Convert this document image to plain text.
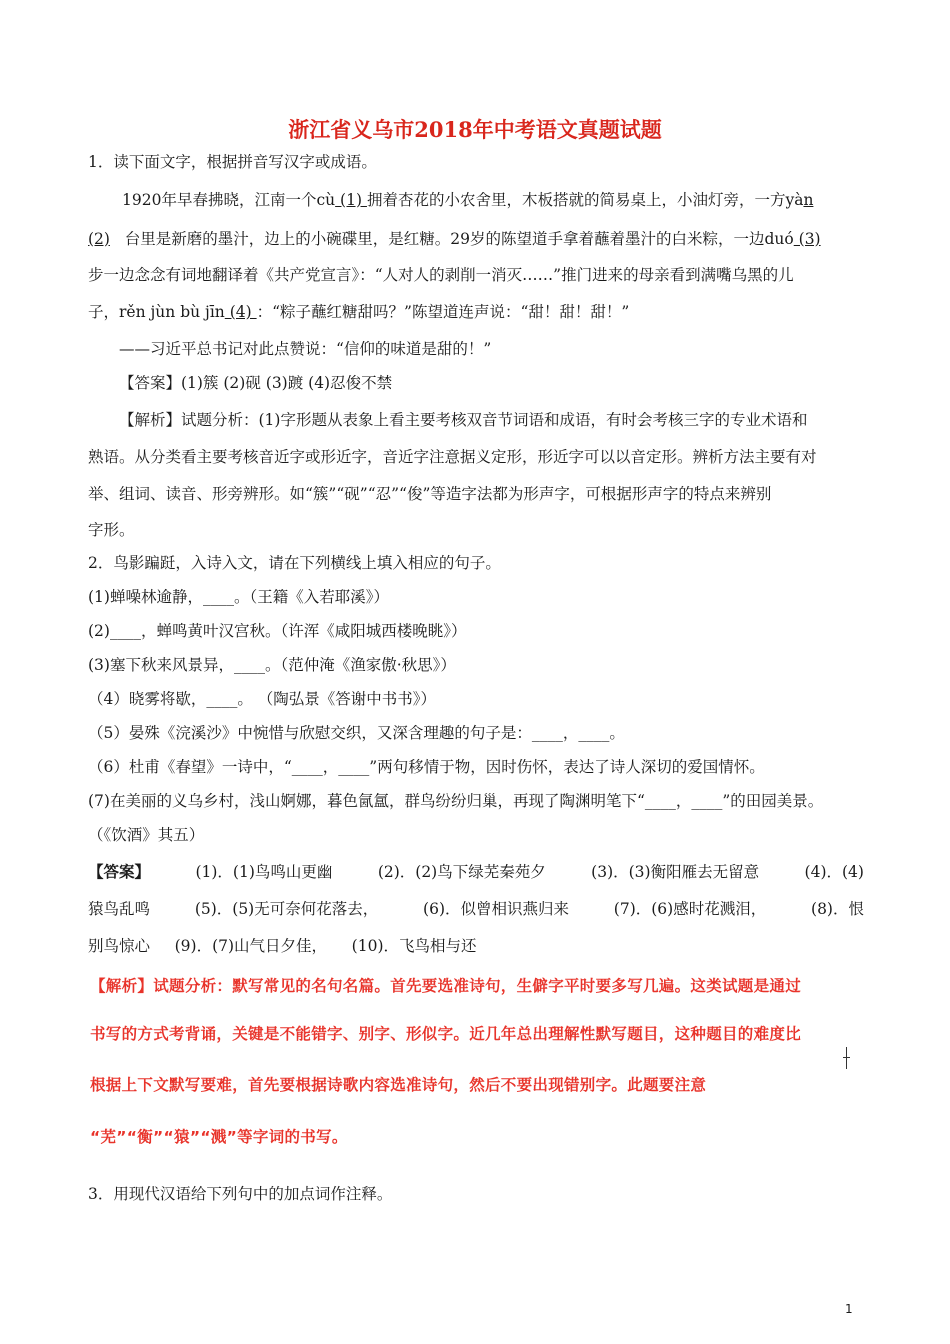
浙江省义乌市2018年中考语文真题试题
1．读下面文字，根据拼音写汉字或成语。
1920年早春拂晓，江南一个cù (1) 拥着杏花的小农舍里，木板搭就的简易桌上，小油灯旁，一方yàn
(2) 台里是新磨的墨汁，边上的小碗碟里，是红糖。29岁的陈望道手拿着蘸着墨汁的白米粽，一边duó (3)
步一边念念有词地翻译着《共产党宣言》：“人对人的剥削一消灭……”推门进来的母亲看到满嘴乌黑的儿
子，rěn jùn bù jīn (4) ：“粽子蘸红糖甜吗？”陈望道连声说：“甜！甜！甜！”
——习近平总书记对此点赞说：“信仰的味道是甜的！”
【答案】(1)簇 (2)砚 (3)踱 (4)忍俊不禁
【解析】试题分析：(1)字形题从表象上看主要考核双音节词语和成语，有时会考核三字的专业术语和
熟语。从分类看主要考核音近字或形近字，音近字注意据义定形，形近字可以以音定形。辨析方法主要有对
举、组词、读音、形旁辨形。如“簇”“砚”“忍”“俊”等造字法都为形声字，可根据形声字的特点来辨别
字形。
2．鸟影蹁跹，入诗入文，请在下列横线上填入相应的句子。
(1)蝉噪林逾静，____。（王籍《入若耶溪》）
(2)____，蝉鸣黄叶汉宫秋。（许浑《咸阳城西楼晚眺》）
(3)塞下秋来风景异，____。（范仲淹《渔家傲·秋思》）
（4）晓雾将歇，____。 （陶弘景《答谢中书书》）
（5）晏殊《浣溪沙》中惋惜与欣慰交织，又深含理趣的句子是：____，____。
（6）杜甫《春望》一诗中，“____，____”两句移情于物，因时伤怀，表达了诗人深切的爱国情怀。
(7)在美丽的义乌乡村，浅山婀娜，暮色氤氲，群鸟纷纷归巢，再现了陶渊明笔下“____，____”的田园美景。
（《饮酒》其五）
【答案】	(1)．(1)鸟鸣山更幽	(2)．(2)鸟下绿芜秦苑夕	(3)．(3)衡阳雁去无留意	(4)．(4)
猿鸟乱鸣	(5)．(5)无可奈何花落去，	(6)．似曾相识燕归来	(7)．(6)感时花溅泪，	(8)．恨
别鸟惊心     (9)．(7)山气日夕佳，     (10)．飞鸟相与还
【解析】试题分析：默写常见的名句名篇。首先要选准诗句，生僻字平时要多写几遍。这类试题是通过
书写的方式考背诵，关键是不能错字、别字、形似字。近几年总出理解性默写题目，这种题目的难度比
根据上下文默写要难，首先要根据诗歌内容选准诗句，然后不要出现错别字。此题要注意
“芜”“衡”“猿”“溅”等字词的书写。
3．用现代汉语给下列句中的加点词作注释。
1
